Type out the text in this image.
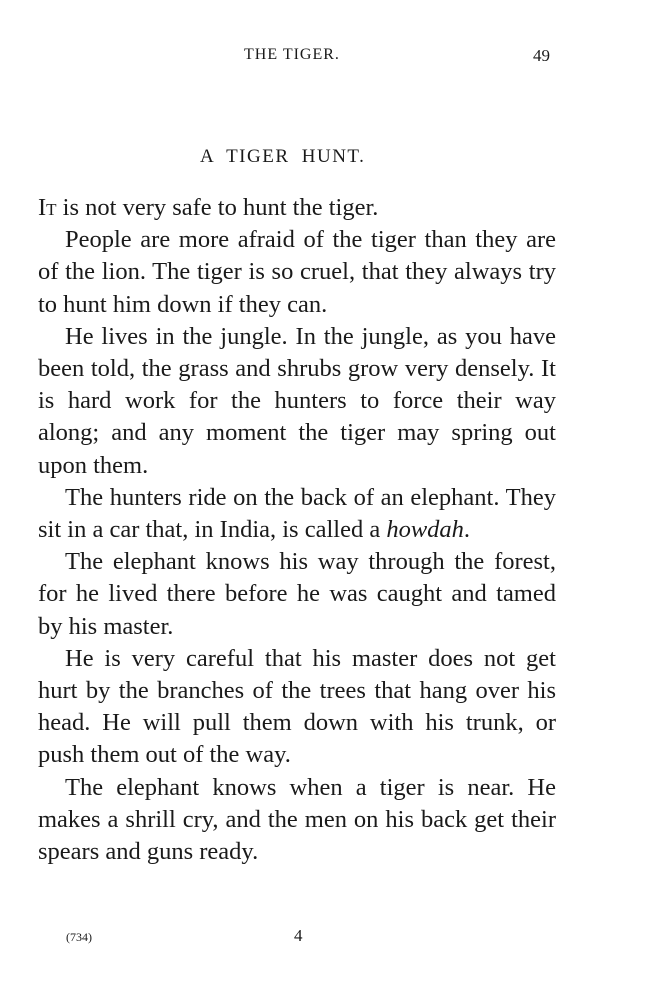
THE TIGER.	49
A TIGER HUNT.

It is not very safe to hunt the tiger.

People are more afraid of the tiger than they are of the lion. The tiger is so cruel, that they always try to hunt him down if they can.

He lives in the jungle. In the jungle, as you have been told, the grass and shrubs grow very densely. It is hard work for the hunters to force their way along; and any moment the tiger may spring out upon them.

The hunters ride on the back of an elephant. They sit in a car that, in India, is called a howdah.

The elephant knows his way through the forest, for he lived there before he was caught and tamed by his master.

He is very careful that his master does not get hurt by the branches of the trees that hang over his head. He will pull them down with his trunk, or push them out of the way.

The elephant knows when a tiger is near. He makes a shrill cry, and the men on his back get their spears and guns ready.

(734)	4
